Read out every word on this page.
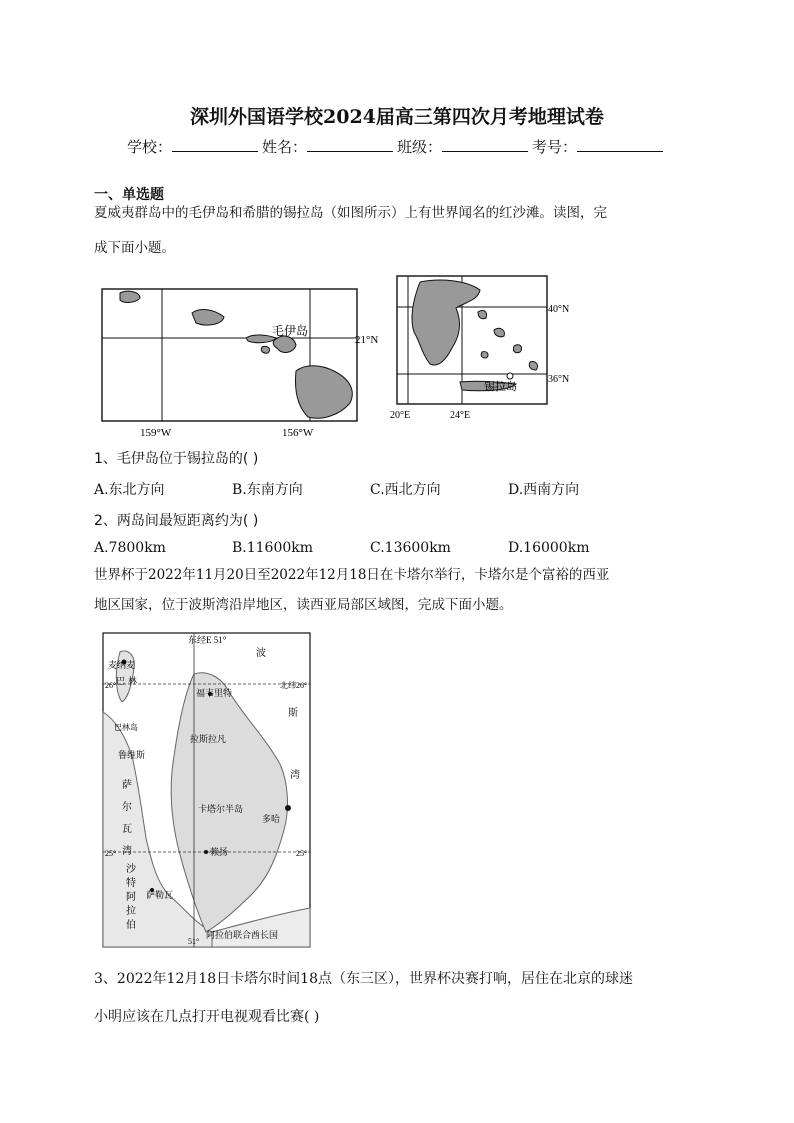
深圳外国语学校2024届高三第四次月考地理试卷
学校：	姓名：	班级：	考号：
一、单选题
夏威夷群岛中的毛伊岛和希腊的锡拉岛（如图所示）上有世界闻名的红沙滩。读图，完
成下面小题。
毛伊岛
21°N
159°W	156°W
锡拉岛
40°N
36°N
20°E	24°E
1、毛伊岛位于锡拉岛的( )
A.东北方向	B.东南方向	C.西北方向	D.西南方向
2、两岛间最短距离约为( )
A.7800km	B.11600km	C.13600km	D.16000km
世界杯于2022年11月20日至2022年12月18日在卡塔尔举行，卡塔尔是个富裕的西亚
地区国家，位于波斯湾沿岸地区，读西亚局部区域图，完成下面小题。
东经E 51°
26°	北纬26°
25°	25°
51°
麦纳麦
巴 林
巴林岛
鲁维斯
福韦里特
拉斯拉凡
卡塔尔半岛
多哈
赖扬
萨勒瓦
阿拉伯联合酋长国
波
斯
湾
萨
尔
瓦
湾
沙
特
阿
拉
伯
3、2022年12月18日卡塔尔时间18点（东三区），世界杯决赛打响，居住在北京的球迷
小明应该在几点打开电视观看比赛( )
